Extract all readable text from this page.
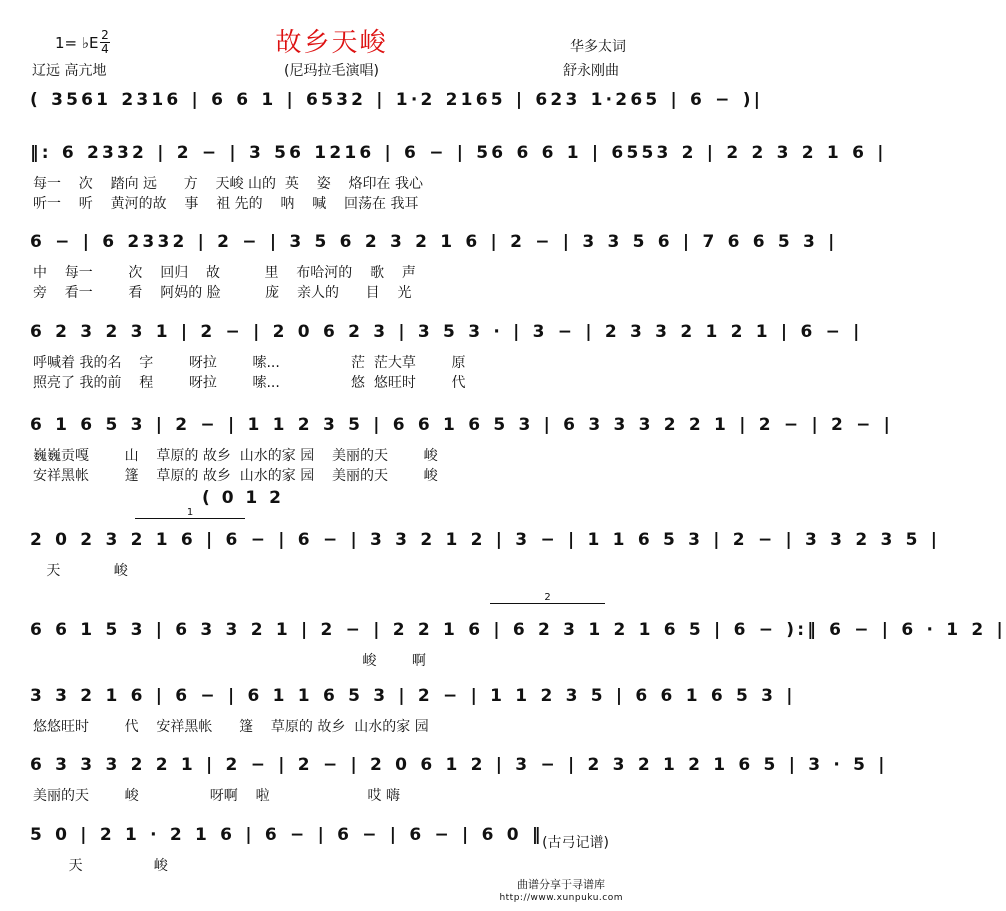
故乡天峻
(尼玛拉毛演唱)
1= ♭E 2
4
辽远 高亢地
华多太词
舒永刚曲
( 3561 2316 | 6 6 1 | 6532 | 1·2 2165 | 623 1·265 | 6 − )|
‖: 6 2332 | 2 − | 3 56 1216 | 6 − | 56 6 6 1 | 6553 2 | 2 2 3 2 1 6 |
每一    次    踏向 远      方    天峻 山的  英    姿    烙印在 我心
听一    听    黄河的故    事    祖 先的    呐    喊    回荡在 我耳
6 − | 6 2332 | 2 − | 3 5 6 2 3 2 1 6 | 2 − | 3 3 5 6 | 7 6 6 5 3 |
中    每一        次    回归    故          里    布哈河的    歌    声
旁    看一        看    阿妈的 脸          庞    亲人的      目    光
6 2 3 2 3 1 | 2 − | 2 0 6 2 3 | 3 5 3 · | 3 − | 2 3 3 2 1 2 1 | 6 − |
呼喊着 我的名    字        呀拉        嗦...                茫  茫大草        原
照亮了 我的前    程        呀拉        嗦...                悠  悠旺时        代
6 1 6 5 3 | 2 − | 1 1 2 3 5 | 6 6 1 6 5 3 | 6 3 3 3 2 2 1 | 2 − | 2 − |
巍巍贡嘎        山    草原的 故乡  山水的家 园    美丽的天        峻
安祥黑帐        篷    草原的 故乡  山水的家 园    美丽的天        峻
2 0 2 3 2 1 6 | 6 − | 6 − | 3 3 2 1 2 | 3 − | 1 1 6 5 3 | 2 − | 3 3 2 3 5 |
天            峻
6 6 1 5 3 | 6 3 3 2 1 | 2 − | 2 2 1 6 | 6 2 3 1 2 1 6 5 | 6 − ):‖ 6 − | 6 · 1 2 |
峻        啊
3 3 2 1 6 | 6 − | 6 1 1 6 5 3 | 2 − | 1 1 2 3 5 | 6 6 1 6 5 3 |
悠悠旺时        代    安祥黑帐      篷    草原的 故乡  山水的家 园
6 3 3 3 2 2 1 | 2 − | 2 − | 2 0 6 1 2 | 3 − | 2 3 2 1 2 1 6 5 | 3 · 5 |
美丽的天        峻                呀啊    啦                      哎 嗨
5 0 | 2 1 · 2 1 6 | 6 − | 6 − | 6 − | 6 0 ‖
天                峻
(古弓记谱)
曲谱分享于寻谱库
http://www.xunpuku.com
( 0 1 2
1
2
